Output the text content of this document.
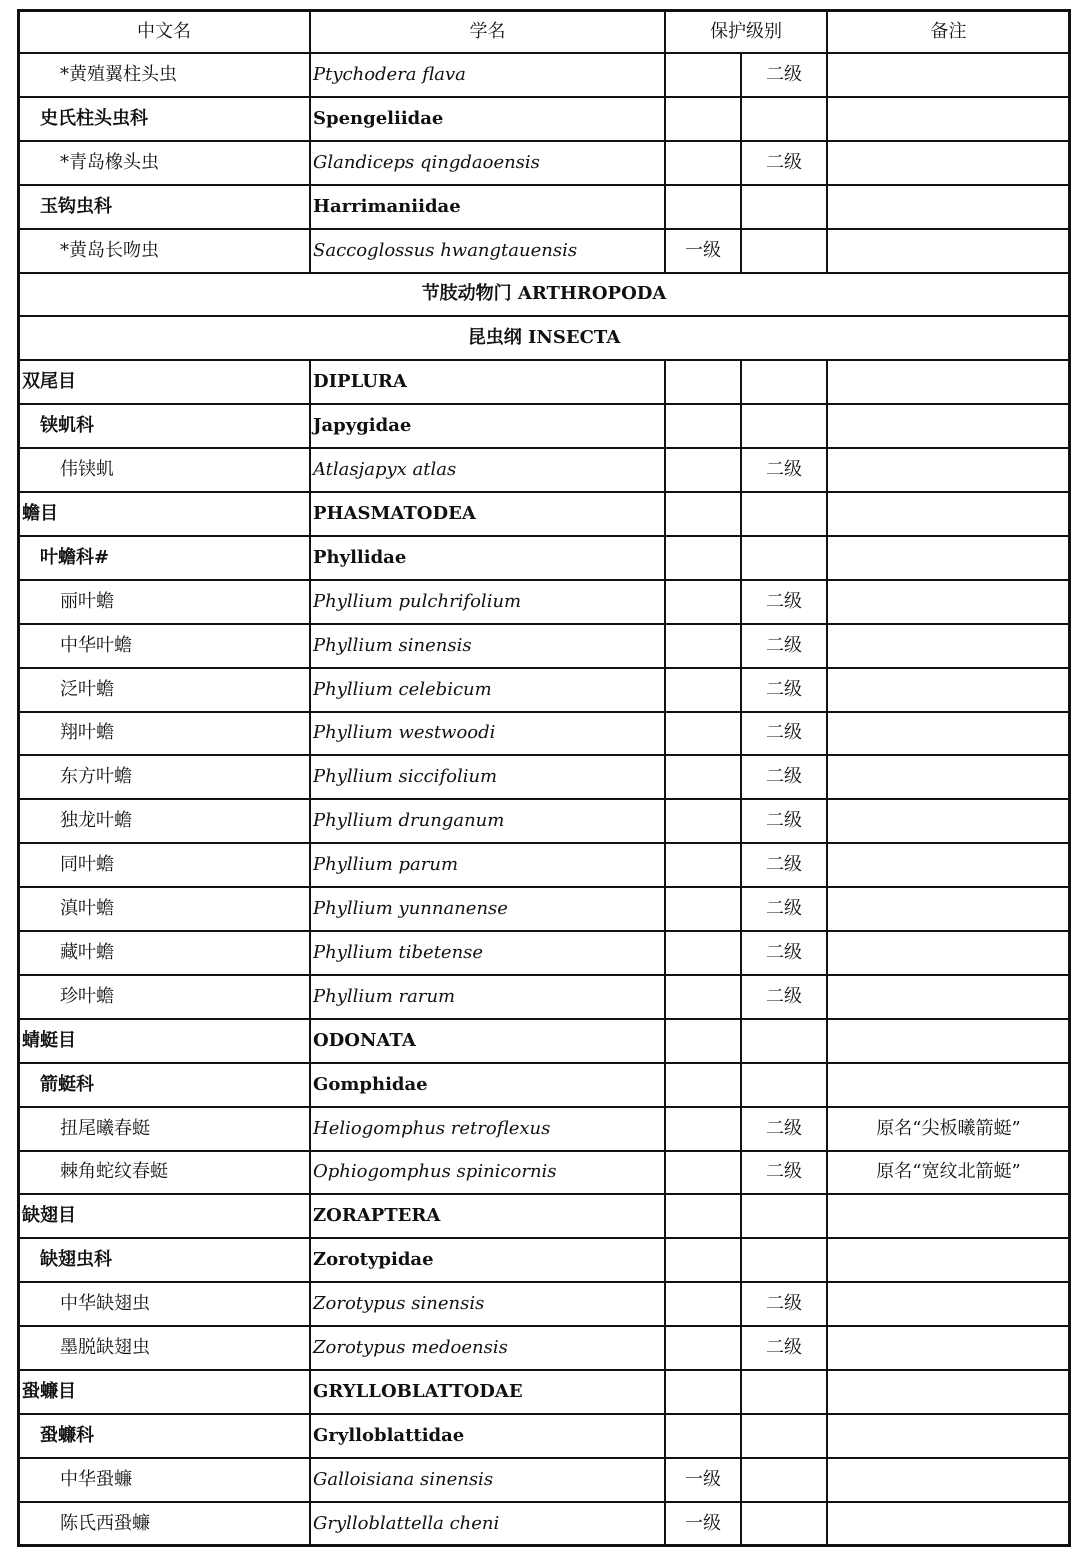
中文名	学名	保护级别	备注
*黄殖翼柱头虫	Ptychodera flava	二级
史氏柱头虫科	Spengeliidae
*青岛橡头虫	Glandiceps qingdaoensis	二级
玉钩虫科	Harrimaniidae
*黄岛长吻虫	Saccoglossus hwangtauensis	一级
节肢动物门 ARTHROPODA
昆虫纲 INSECTA
双尾目	DIPLURA
铗虮科	Japygidae
伟铗虮	Atlasjapyx atlas	二级
蟾目	PHASMATODEA
叶蟾科#	Phyllidae
丽叶蟾	Phyllium pulchrifolium	二级
中华叶蟾	Phyllium sinensis	二级
泛叶蟾	Phyllium celebicum	二级
翔叶蟾	Phyllium westwoodi	二级
东方叶蟾	Phyllium siccifolium	二级
独龙叶蟾	Phyllium drunganum	二级
同叶蟾	Phyllium parum	二级
滇叶蟾	Phyllium yunnanense	二级
藏叶蟾	Phyllium tibetense	二级
珍叶蟾	Phyllium rarum	二级
蜻蜓目	ODONATA
箭蜓科	Gomphidae
扭尾曦春蜓	Heliogomphus retroflexus	二级	原名“尖板曦箭蜓”
棘角蛇纹春蜓	Ophiogomphus spinicornis	二级	原名“宽纹北箭蜓”
缺翅目	ZORAPTERA
缺翅虫科	Zorotypidae
中华缺翅虫	Zorotypus sinensis	二级
墨脱缺翅虫	Zorotypus medoensis	二级
蛩蠊目	GRYLLOBLATTODAE
蛩蠊科	Grylloblattidae
中华蛩蠊	Galloisiana sinensis	一级
陈氏西蛩蠊	Grylloblattella cheni	一级
